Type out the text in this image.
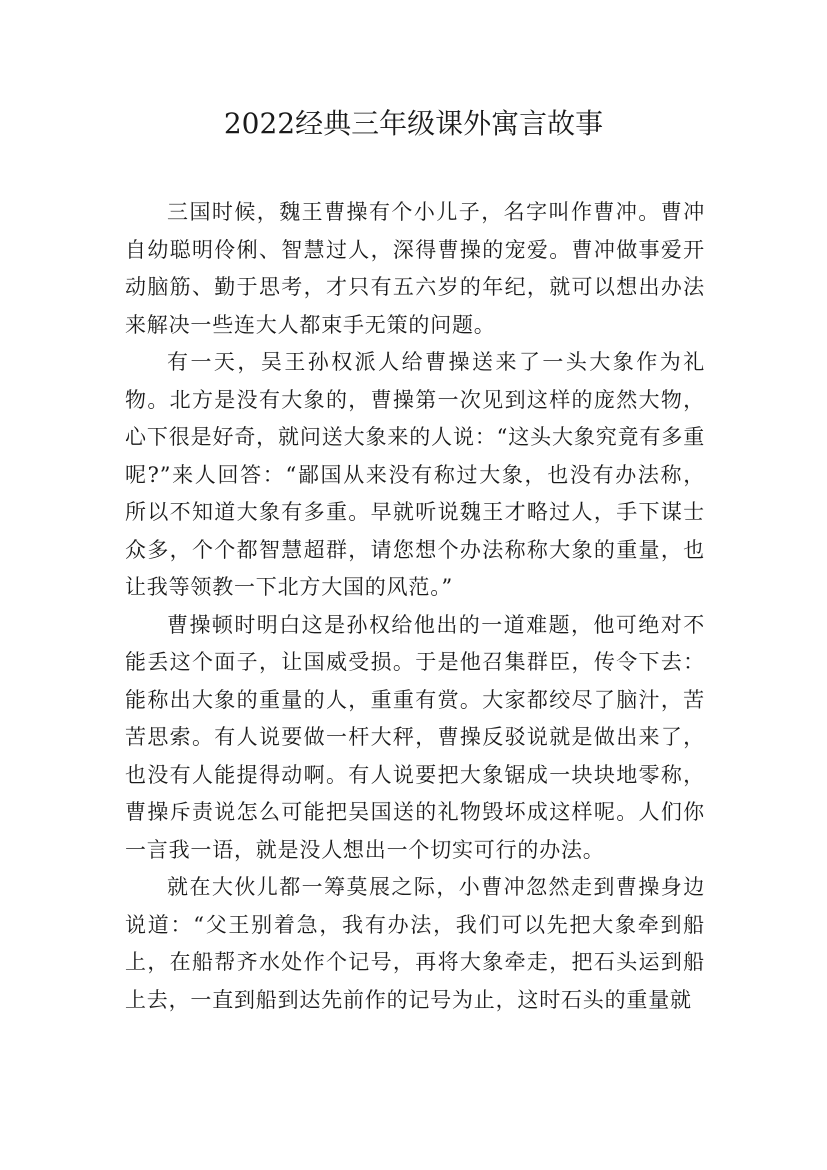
2022经典三年级课外寓言故事

三国时候，魏王曹操有个小儿子，名字叫作曹冲。曹冲自幼聪明伶俐、智慧过人，深得曹操的宠爱。曹冲做事爱开动脑筋、勤于思考，才只有五六岁的年纪，就可以想出办法来解决一些连大人都束手无策的问题。

有一天，吴王孙权派人给曹操送来了一头大象作为礼物。北方是没有大象的，曹操第一次见到这样的庞然大物，心下很是好奇，就问送大象来的人说：“这头大象究竟有多重呢?”来人回答：“鄙国从来没有称过大象，也没有办法称，所以不知道大象有多重。早就听说魏王才略过人，手下谋士众多，个个都智慧超群，请您想个办法称称大象的重量，也让我等领教一下北方大国的风范。”

曹操顿时明白这是孙权给他出的一道难题，他可绝对不能丢这个面子，让国威受损。于是他召集群臣，传令下去：能称出大象的重量的人，重重有赏。大家都绞尽了脑汁，苦苦思索。有人说要做一杆大秤，曹操反驳说就是做出来了，也没有人能提得动啊。有人说要把大象锯成一块块地零称，曹操斥责说怎么可能把吴国送的礼物毁坏成这样呢。人们你一言我一语，就是没人想出一个切实可行的办法。

就在大伙儿都一筹莫展之际，小曹冲忽然走到曹操身边说道：“父王别着急，我有办法，我们可以先把大象牵到船上，在船帮齐水处作个记号，再将大象牵走，把石头运到船上去，一直到船到达先前作的记号为止，这时石头的重量就
